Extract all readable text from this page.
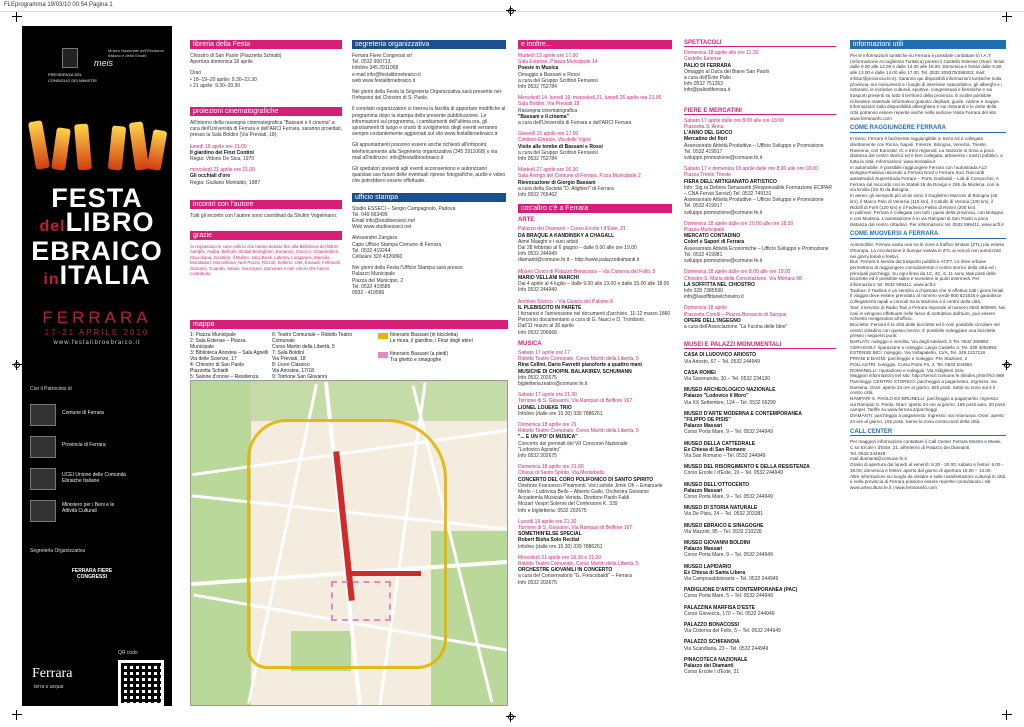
FLEprogramma 19/03/10 00:54 Pagina 1
PRESIDENZA DEL
CONSIGLIO DEI MINISTRI
meis
Museo Nazionale dell'Ebraismo Italiano e della Shoah
FESTA
delLIBRO
EBRAICO
inITALIA
FERRARA
17-21 APRILE 2010
www.festalibroebraico.it
Con il Patrocinio di
Comune di Ferrara
Provincia di Ferrara
UCEI Unione delle Comunità Ebraiche Italiane
Ministero per i Beni e le Attività Culturali
Segreteria Organizzativa
FERRARA FIERE CONGRESSI
QR code
Ferrara
terra e acqua
libreria della Festa
Chiostro di San Paolo (Piazzetta Schiatti)
Apertura domenica 18 aprile
Orari
• 18–19–20 aprile: 9.30–22.30
• 21 aprile: 9.30–20.30
proiezioni cinematografiche
All'interno della rassegna cinematografica "Bassani e il cinema" a cura dell'Università di Ferrara e dell'ARCI Ferrara, saranno proiettati, presso la Sala Boldini (Via Previati, 18):
lunedì 19 aprile ore 21.00
Il giardino dei Finzi Contini
Regia: Vittorio De Sica, 1970
mercoledì 21 aprile ore 21.00
Gli occhiali d'oro
Regia: Giuliano Montaldo, 1987
incontri con l'autore
Tutti gli incontri con l'autore sono coordinati da Shulim Vogelmann.
grazie
Si ringraziano le case editrici che hanno donato libri alla Biblioteca del MEIS: Adelphi, Asaba, Belforte, Bollati Boringhieri, Bonanno, Carocci, Chiarelettere, Clau-diana, Giuntina, Il Mulino, Jaca Book, Laterza, Longanesi, Marsilio, Mondadori, Morcelliana, Neri Pozza, Rizzoli, Sellerio, Utet, Einaudi, Feltrinelli, Garzanti, Guanda, Salani, Sonzogno, Zamorani e tutti coloro che hanno contribuito.
segreteria organizzativa
Ferrara Fiere Congressi srl
Tel. 0532 900713
Infoline 345 2911068
e-mail info@festalibroebraico.it
web www.festalibroebraico.it
Nei giorni della Festa la Segreteria Organizzativa sarà presente nel-l'Infopoint del Chiostro di S. Paolo.
Il comitato organizzatore si riserva la facoltà di apportare modifiche al programma dopo la stampa della presente pubblicazione. Le informazioni sul programma, i cambiamenti dell'ultima ora, gli spostamenti di luogo e orario di svolgimento degli eventi verranno sempre costantemente aggiornati sul sito www.festalibroebraico.it
Gli appuntamenti possono essere anche richiesti all'infopoint, telefonicamente alla Segreteria organizzativa (345 2911068) o via mail all'indirizzo: info@festalibroebraico.it
Gli spettatori presenti agli eventi acconsentono e autorizzano qualsiasi uso futuro delle eventuali riprese fotografiche, audio e video che potrebbero essere effettuate.
ufficio stampa
Studio ESSECI – Sergio Campagnolo, Padova
Tel. 049 663499
Email info@studioesseci.net
Web www.studioesseci.net
Alessandro Zangara
Capo Ufficio Stampa Comune di Ferrara
Tel. 0532 419244
Cellulare 320 4326860
Nei giorni della Festa l'Ufficio Stampa sarà presso:
Palazzo Municipale
Piazza del Municipio, 2
Tel. 0532 419585
0532 - 419586
mappa
1: Piazza Municipale
2: Sala Estense – Piazza Municipale
3: Biblioteca Ariostea – Sala Agnelli
Via delle Scienze, 17
4: Chiostro di San Paolo
Piazzetta Schiatti
5: Salone d'onore – Residenza

6: Teatro Comunale – Ridotto Teatro Comunale
Corso Martiri della Libertà, 5
7: Sala Boldini
Via Previati, 18
8: Liceo Classico
Via Ariostea, 17/18
9: Torrione San Giovanni

Itinerario Bassani (in bicicletta)
Le mura, il giardino, i Finzi degli ebrei
Itinerario Bassani (a piedi)
Tra ghetto e sinagoghe
e inoltre...
Martedì 13 aprile ore 17.00
Sala Estense, Piazza Municipale 14
Poesie in Musica
Omaggio a Bassani e Rossi
a cura del Gruppo Scrittori Ferraresi
Info 0532 752784
Mercoledì 14, lunedì 19, mercoledì 21, lunedì 26 aprile ore 21.00
Sala Boldini, Via Previati 18
Rassegna cinematografica
"Bassani e il cinema"
a cura dell'Università di Ferrara e dell'ARCI Ferrara
Giovedì 15 aprile ore 17.00
Cimitero Ebraico, Via delle Vigne
Visite alle tombe di Bassani e Rossi
a cura del Gruppo Scrittori Ferraresi
Info 0532 752784
Martedì 27 aprile ore 16.30
Sala Arengo del Comune di Ferrara, P.zza Municipale 2
Rievocazione di Giorgio Bassani
a cura della Società "D. Alighieri" di Ferrara
Info 0532 765462
cos'altro c'è a Ferrara
ARTE
Palazzo dei Diamanti – Corso Ercole I d'Este, 21
DA BRAQUE A KANDINSKY A CHAGALL
Aimé Maeght e i suoi artisti
Dal 28 febbraio al 6 giugno – dalle 9.00 alle ore 19.00
Info 0532 244949
diamanti@comune.fe.it – http://www.palazzodiamanti.it
Museo Civico di Palazzo Bonacossi – Via Cisterna del Follo, 5
MARIO VELLANI MARCHI
Dal 4 aprile al 4 luglio – dalle 9.00 alle 13.00 e dalle 15.00 alle 18.00
Info 0532 244949
Archivio Storico – Via Giuoco del Pallone 8
IL PLEBISCITO IN PARETE
I ferraresi e l'annessione nei documenti d'archivio. 11-12 marzo 1860
Percorso documentario a cura di G. Nasci e D. Tromboni.
Dall'11 marzo al 30 aprile
Info 0532 206668
MUSICA
Sabato 17 aprile ore 17
Ridotto Teatro Comunale, Corso Martiri della Libertà, 5
Rina Cellini, Dario Favretti pianoforte a quattro mani
MUSICHE DI CHOPIN, BALAKIREV, SCHUMANN
Info 0532 202675
biglietteria.teatro@comune.fe.it
Sabato 17 aprile ore 21.30
Torrione di S. Giovanni, Via Rampari di Belfiore 167
LIONEL LOUEKE TRIO
Infoline (dalle ore 15.30) 339 7886261
Domenica 18 aprile ore 21
Ridotto Teatro Comunale, Corso Martiri della Libertà, 5
"... E UN PO' DI MUSICA"
Concerto dei premiati del VII Concorso Nazionale
"Lodovico Agostini"
Info 0532 202675
Domenica 18 aprile ore 21.00
Chiesa di Santo Spirito, Via Montebello
CONCERTO DEL CORO POLIFONICO DI SANTO SPIRITO
Direttore Francesco Pinamonti. Voci soliste Jimin Oh – Emanuele Merlo – Ludovica Bello – Alberto Gallo. Orchestra Giovanni Accademia Musicale Veneta. Direttore Paolo Faldi
Mozart Vespri Solenni del Confessore K. 339
Info e biglietteria: 0532 202675
Lunedì 19 aprile ore 21.30
Torrione di S. Giovanni, Via Rampari di Belfiore 167
SOMETHIN'ELSE SPECIAL
Robert Bisha Solo Recital
Infoline (dalle ore 15.30) 339 7886261
Mercoledì 21 aprile ore 18.30 e 21.00
Ridotto Teatro Comunale, Corso Martiri della Libertà, 5
ORCHESTRE GIOVANILI IN CONCERTO
a cura del Conservatorio "G. Frescobaldi" – Ferrara
Info 0532 202675
SPETTACOLI
Domenica 18 aprile alle ore 11.30
Castello Estense
PALIO DI FERRARA
Omaggio al Duca del Biane San Paolo
a cura dell'Ente Palio
Info 0532 751263
info@paliodiferrara.it
FIERE E MERCATINI
Sabato 17 aprile dalle ore 8.00 alle ore 18.00
Piazzetta S. Anna
L'ANNO DEL GIOCO
Mercatino del fiori
Assessorato Attività Produttive – Ufficio Sviluppo e Promozione
Tel. 0532 419917
sviluppo.promozione@comune.fe.it
Sabato 17 e domenica 18 aprile dalle ore 8.00 alle ore 18.00
Piazza Trento Trieste
FIERA DELL'ARTIGIANATO ARTISTICO
Info: Sig.ra Debora Tamassetti (Responsabile Formazione ECIPAR – CNA Fervia Servizi) Tel. 0532 749131
Assessorato Attività Produttive – Ufficio Sviluppo e Promozione
Tel. 0532 419917
sviluppo.promozione@comune.fe.it
Domenica 18 aprile dalle ore 10.00 alle ore 18.00
Piazza Municipale
MERCATO CONTADINO
Colori e Sapori di Ferrara
Assessorato Attività Economiche – Ufficio Sviluppo e Promozione
Tel. 0532 419981
sviluppo.promozione@comune.fe.it
Domenica 18 aprile dalle ore 8.00 alle ore 19.00
Chiostro S. Maria della Consolazione, Via Mortara 98
LA SOFFITTA NEL CHIOSTRO
Info 328 7385590
info@lasoffittanelchiostro.it
Domenica 18 aprile
Piazzetta Corelli – Piazza Bonaccio di Sangue
OPERE DELL'INGEGNO
a cura dell'Associazione "La Fucina delle Idee"
MUSEI E PALAZZI MONUMENTALI
CASA DI LUDOVICO ARIOSTO
Via Ariosto, 67 – Tel. 0532 244949
CASA ROMEI
Via Savonarola, 30 – Tel. 0532 234130
MUSEO ARCHEOLOGICO NAZIONALE
Palazzo "Lodovico il Moro"
Via XX Settembre, 124 – Tel. 0532 66299
MUSEO D'ARTE MODERNA E CONTEMPORANEA
"FILIPPO DE PISIS"
Palazzo Massari
Corso Porta Mare, 9 – Tel. 0532 244949
MUSEO DELLA CATTEDRALE
Ex Chiesa di San Romano
Via San Romano – Tel. 0532 244949
MUSEO DEL RISORGIMENTO E DELLA RESISTENZA
Corso Ercole I d'Este, 19 – Tel. 0532 244949
MUSEO DELL'OTTOCENTO
Palazzo Massari
Corso Porta Mare, 9 – Tel. 0532 244949
MUSEO DI STORIA NATURALE
Via De Pisis, 24 – Tel. 0532 203381
MUSEO EBRAICO E SINAGOGHE
Via Mazzini, 95 – Tel. 0532 210228
MUSEO GIOVANNI BOLDINI
Palazzo Massari
Corso Porta Mare, 9 – Tel. 0532 244949
MUSEO LAPIDARIO
Ex Chiesa di Santa Libera
Via Camposabbionario – Tel. 0532 244949
PADIGLIONE D'ARTE CONTEMPORANEA (PAC)
Corso Porta Mare, 5 – Tel. 0532 244949
PALAZZINA MARFISA D'ESTE
Corso Giovecca, 170 – Tel. 0532 244949
PALAZZO BONACOSSI
Via Cisterna del Follo, 5 – Tel. 0532 244949
PALAZZO SCHIFANOIA
Via Scandiana, 23 – Tel. 0532 244949
PINACOTECA NAZIONALE
Palazzo dei Diamanti
Corso Ercole I d'Este, 21
informazioni utili
Per le informazioni turistiche su Ferrara è possibile contattare lo I.A.T. (Informazione Accoglienza Turistica) presso il Castello Estense (Orari: feriali dalle 9.00 alle 13.00 e dalle 14.00 alle 18.00. Domenica e festivi dalle 9.30 alle 13.00 e dalle 14.00 alle 17.00. Tel. 0532 209370/299303; mail: infotur@provincia.fe.it). Saranno qui disponibili informazioni turistiche sulla provincia, sui monumenti e i luoghi di interesse naturalistico, gli alberghi e i ristoranti, le iniziative culturali, sportive, congressuali e fieristiche e sui trasporti presenti su tutto il territorio della provincia. È inoltre possibile richiedere materiale informativo gratuito: depliant, guide, cartine e mappe. Informazioni sulla disponibilità alberghiera e sui ristoranti e le dotte della città potranno essere reperite anche nella sezione Visita Ferrara del sito www.ferrarainfo.com
COME RAGGIUNGERE FERRARA
In treno: Ferrara è facilmente raggiungibile in treno ed è collegata direttamente con Roma, Napoli, Firenze, Bologna, Venezia, Trieste, Ravenna, con Eurostar, IC e treni regionali. La stazione si trova a poca distanza dal centro storico ed è ben collegata, attraverso i mezzi pubblici, a tutta la città. Informazioni: www.trenitalia.it
In automobile: è possibile raggiungere Ferrara con l'autostrada A13 Bologna-Padova uscendo a Ferrara Nord o Ferrara Sud. Raccordi autostradali Superstrada Ferrara – Porto Garibaldi – Lidi di Comacchio. A Ferrara sul raccordo con le Statali 16 da Rovigo e 255 da Modena, con la via Emilia (SS 9) da Bologna.
In aereo: gli aeroporti più vicini sono il Guglielmo Marconi di Bologna (45 km), il Marco Polo di Venezia (110 km), il Catullo di Verona (100 km), il Ridolfi di Forlì (120 km) e il Federico Fellini di Rimini (200 km).
In pullman: Ferrara è collegata con tutti i paesi della provincia, con Bologna e con Modena. L'autostazione è in via Rampari di San Paolo a poca distanza dal centro cittadino. Per informazioni: tel. 0532 599411, www.acft.it
COME MUOVERSI A FERRARA
Automobile: Ferrara vanta una tra le zone a traffico limitato (ZTL) più estese d'Europa. La circolazione è dunque vietata in ZTL ai veicoli non autorizzati nei giorni feriali e festivi.
Bus: Ferrara è servita dal trasporto pubblico ACFT. Le linee urbane permettono di raggiungere comodamente il centro storico della città ed i principali parcheggi. Su ogni linea da 1C, 4C, 6, 11 sono stati posti delle biciclette ed è possibile salire e scendere in punti intermedi. Per informazioni: tel. 0532 599411, www.acft.it
Taxibus: il Taxibus è un servizio a chiamata che si effettua tutti i giorni feriali. Il viaggio deve essere prenotato al numero verde 800 521616 e garantisce collegamenti rapidi e comodi tra la stazione e il centro della città.
Taxi: il servizio di Radio Taxi a Ferrara risponde al numero 0532 900900. Nei casi in vengono effettuate nelle fasce di sottrattiva dall'auto, può essere richiesto rivolgendosi all'ufficio.
Biciclette: Ferrara è la città delle biciclette ed è così possibile circolare nel centro cittadino con questo mezzo. È possibile noleggiare una bicicletta presso i seguenti punti:
BARLATI: noleggio e vendita. Via degli Adelardi, 5 Tel. 0532 206892
CERAGIOLI: riparazione e noleggio. Largo Castello 4, Tel. 339 4054893
ESTENSE BICI: noleggio. Via Voltapaletto, 11/A, Tel. 349 1317116
PIRANI E BAGNI: parcheggio e noleggio. P.le Stazione, 2
POLLASTRI: noleggio. Corso Porta Po, 2, Tel. 0532 204884
ROMANELLI: riparazione e noleggio. Via Aldighieri 24/a
Maggiori informazioni nel sito: http://servizi.comune.fe.it/index.phtml?id=989
Parcheggi: CENTRO STORICO: parcheggio a pagamento. Ingresso: via Darsena. Orari: aperto 24 ore al giorno. 825 posti. Sette su sono sul é il centro città.
RAMPARI S. PAOLO EX-BRUNELLI: parcheggio a pagamento. Ingresso: via Rampari S. Paolo. Orari: aperto 24 ore al giorno. 165 posti auto, 20 posti camper. Tariffe su www.ferrara.it/parcheggi
DIAMANTI: parcheggio a pagamento. Ingresso: via Arianuova. Orari: aperto 24 ore al giorno. 192 posti. Serve la zona centro-nord della città.
CALL CENTER
Per maggiori informazioni contattare il Call Center Ferrara Mostre e Musei, C.so Ercole I d'Este, 21, all'interno di Palazzo dei Diamanti.
Tel. 0532 244949
mail diamanti@comune.fe.it
Orario di apertura dal lunedì al venerdì: 8.30 - 20.00; sabato e festivi: 9.00 - 18.00; domenica e festivi: aperto dal giorno di apertura 10.00 – 13.00.
Altre informazioni sui luoghi da visitare e sulle manifestazioni culturali in città e nella provincia di Ferrara possono essere reperite consultando i siti: www.artecultura.fe.it | www.ferrarainfo.com
